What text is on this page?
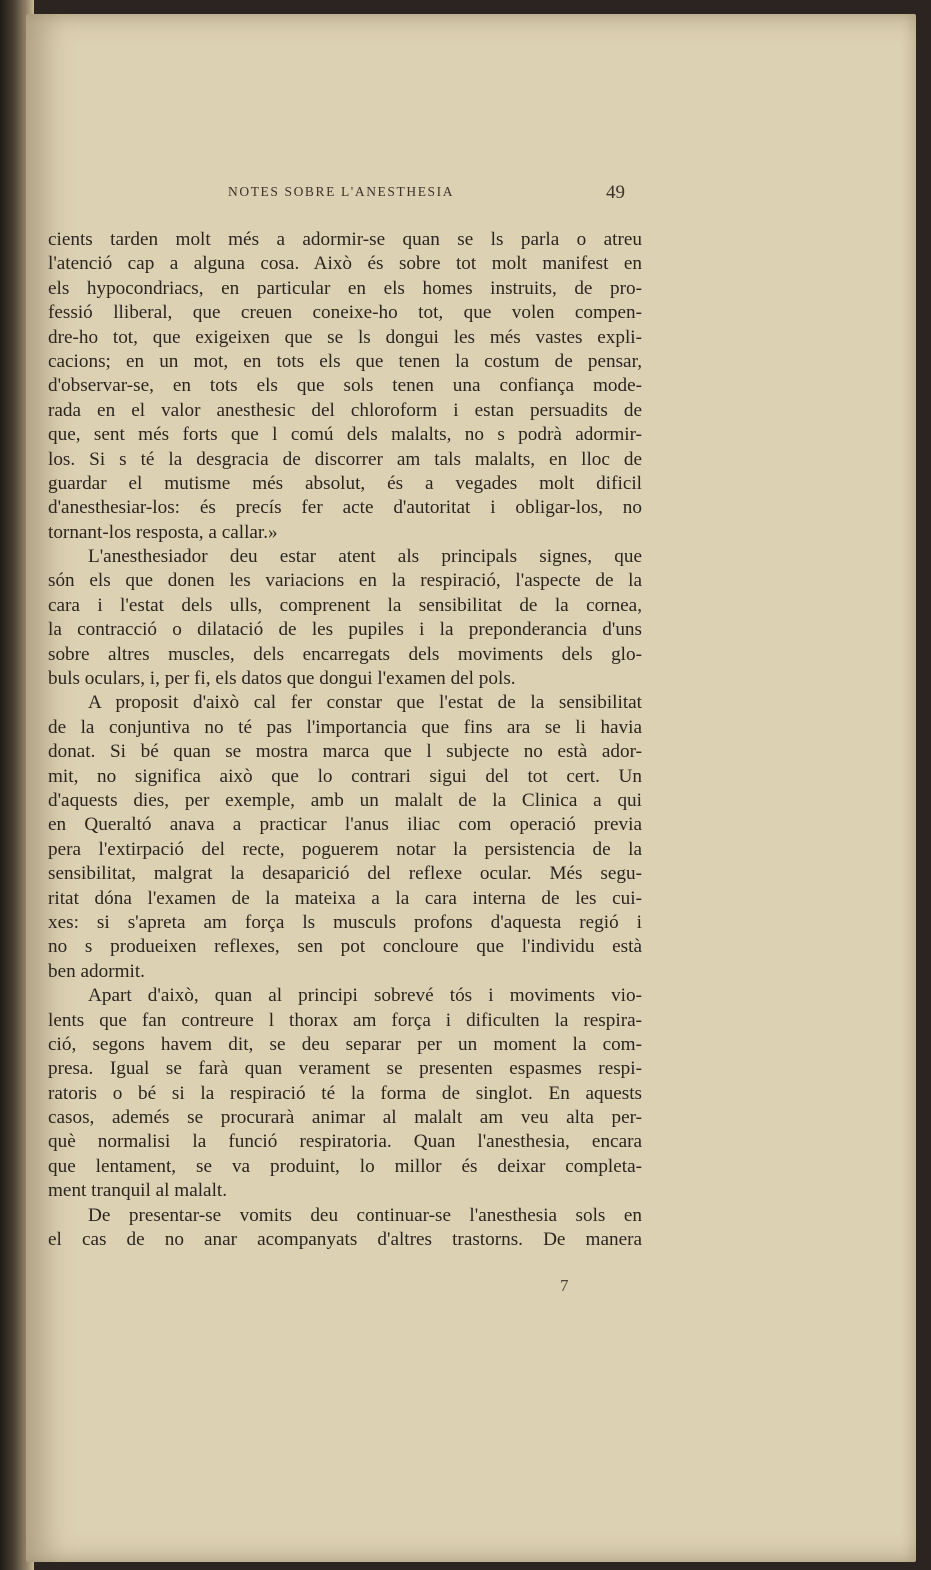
NOTES SOBRE L'ANESTHESIA	49
cients tarden molt més a adormir-se quan se ls parla o atreu
l'atenció cap a alguna cosa. Això és sobre tot molt manifest en
els hypocondriacs, en particular en els homes instruits, de pro-
fessió lliberal, que creuen coneixe-ho tot, que volen compen-
dre-ho tot, que exigeixen que se ls dongui les més vastes expli-
cacions; en un mot, en tots els que tenen la costum de pensar,
d'observar-se, en tots els que sols tenen una confiança mode-
rada en el valor anesthesic del chloroform i estan persuadits de
que, sent més forts que l comú dels malalts, no s podrà adormir-
los. Si s té la desgracia de discorrer am tals malalts, en lloc de
guardar el mutisme més absolut, és a vegades molt dificil
d'anesthesiar-los: és precís fer acte d'autoritat i obligar-los, no
tornant-los resposta, a callar.»
L'anesthesiador deu estar atent als principals signes, que
són els que donen les variacions en la respiració, l'aspecte de la
cara i l'estat dels ulls, comprenent la sensibilitat de la cornea,
la contracció o dilatació de les pupiles i la preponderancia d'uns
sobre altres muscles, dels encarregats dels moviments dels glo-
buls oculars, i, per fi, els datos que dongui l'examen del pols.
A proposit d'això cal fer constar que l'estat de la sensibilitat
de la conjuntiva no té pas l'importancia que fins ara se li havia
donat. Si bé quan se mostra marca que l subjecte no està ador-
mit, no significa això que lo contrari sigui del tot cert. Un
d'aquests dies, per exemple, amb un malalt de la Clinica a qui
en Queraltó anava a practicar l'anus iliac com operació previa
pera l'extirpació del recte, poguerem notar la persistencia de la
sensibilitat, malgrat la desaparició del reflexe ocular. Més segu-
ritat dóna l'examen de la mateixa a la cara interna de les cui-
xes: si s'apreta am força ls musculs profons d'aquesta regió i
no s produeixen reflexes, sen pot concloure que l'individu està
ben adormit.
Apart d'això, quan al principi sobrevé tós i moviments vio-
lents que fan contreure l thorax am força i dificulten la respira-
ció, segons havem dit, se deu separar per un moment la com-
presa. Igual se farà quan verament se presenten espasmes respi-
ratoris o bé si la respiració té la forma de singlot. En aquests
casos, ademés se procurarà animar al malalt am veu alta per-
què normalisi la funció respiratoria. Quan l'anesthesia, encara
que lentament, se va produint, lo millor és deixar completa-
ment tranquil al malalt.
De presentar-se vomits deu continuar-se l'anesthesia sols en
el cas de no anar acompanyats d'altres trastorns. De manera
7
